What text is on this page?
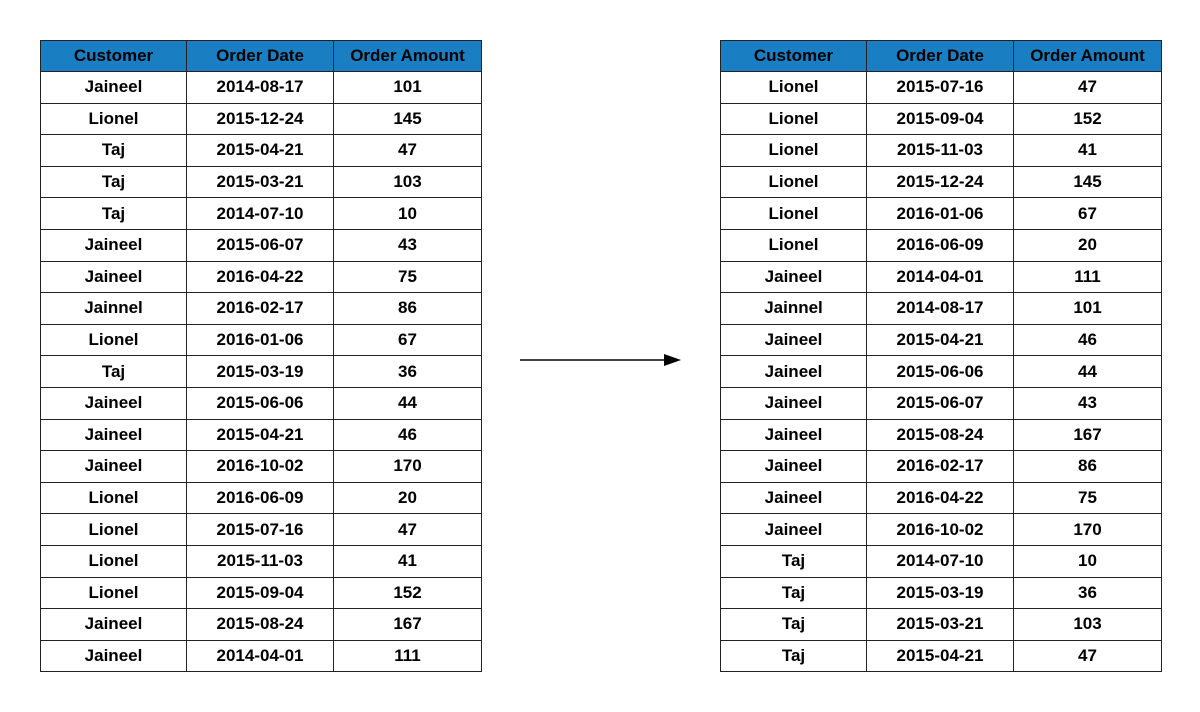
Customer	Order Date	Order Amount
Jaineel	2014-08-17	101
Lionel	2015-12-24	145
Taj	2015-04-21	47
Taj	2015-03-21	103
Taj	2014-07-10	10
Jaineel	2015-06-07	43
Jaineel	2016-04-22	75
Jainnel	2016-02-17	86
Lionel	2016-01-06	67
Taj	2015-03-19	36
Jaineel	2015-06-06	44
Jaineel	2015-04-21	46
Jaineel	2016-10-02	170
Lionel	2016-06-09	20
Lionel	2015-07-16	47
Lionel	2015-11-03	41
Lionel	2015-09-04	152
Jaineel	2015-08-24	167
Jaineel	2014-04-01	111
Customer	Order Date	Order Amount
Lionel	2015-07-16	47
Lionel	2015-09-04	152
Lionel	2015-11-03	41
Lionel	2015-12-24	145
Lionel	2016-01-06	67
Lionel	2016-06-09	20
Jaineel	2014-04-01	111
Jainnel	2014-08-17	101
Jaineel	2015-04-21	46
Jaineel	2015-06-06	44
Jaineel	2015-06-07	43
Jaineel	2015-08-24	167
Jaineel	2016-02-17	86
Jaineel	2016-04-22	75
Jaineel	2016-10-02	170
Taj	2014-07-10	10
Taj	2015-03-19	36
Taj	2015-03-21	103
Taj	2015-04-21	47
